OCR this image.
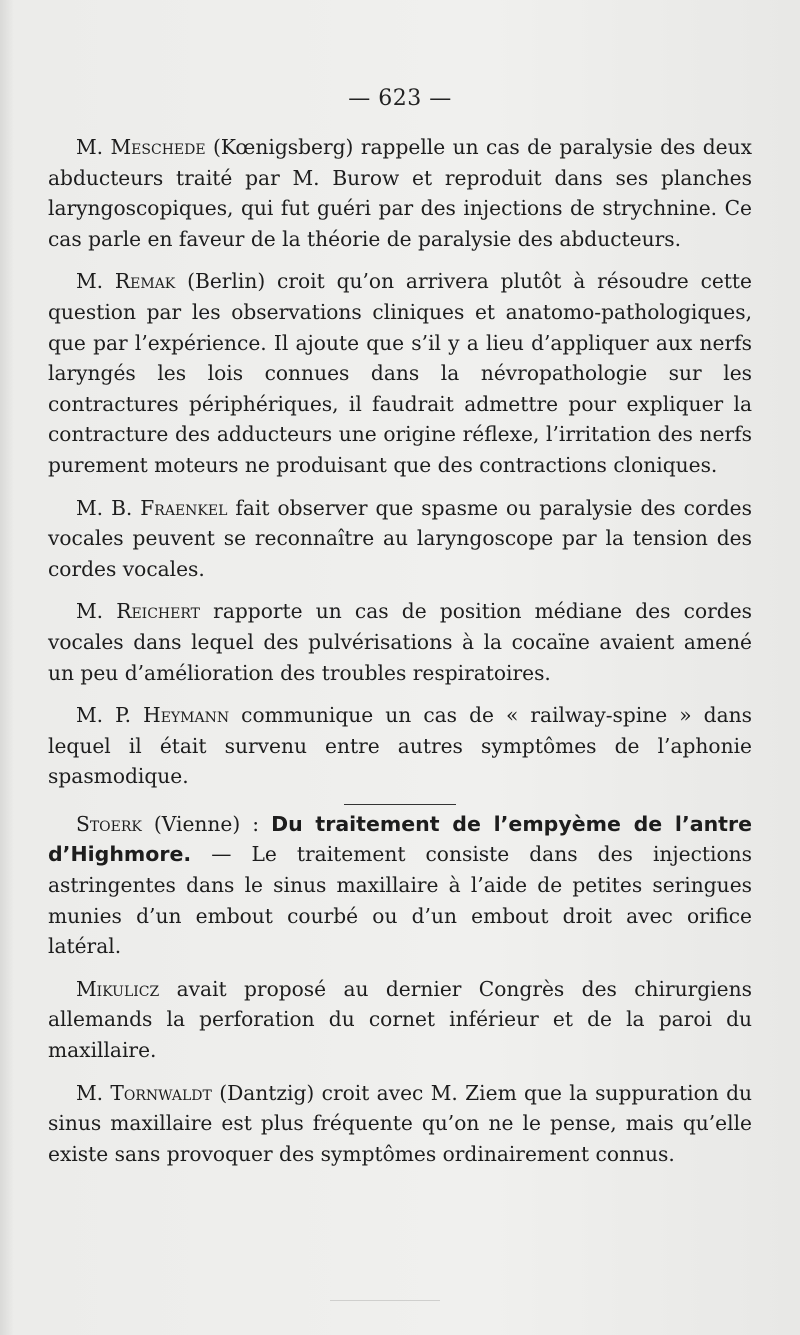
— 623 —

M. Meschede (Kœnigsberg) rappelle un cas de paralysie des deux abducteurs traité par M. Burow et reproduit dans ses planches laryngoscopiques, qui fut guéri par des injections de strychnine. Ce cas parle en faveur de la théorie de paralysie des abducteurs.

M. Remak (Berlin) croit qu’on arrivera plutôt à résoudre cette question par les observations cliniques et anatomo-pathologiques, que par l’expérience. Il ajoute que s’il y a lieu d’appliquer aux nerfs laryngés les lois connues dans la névropathologie sur les contractures périphériques, il faudrait admettre pour expliquer la contracture des adducteurs une origine réflexe, l’irritation des nerfs purement moteurs ne produisant que des contractions cloniques.

M. B. Fraenkel fait observer que spasme ou paralysie des cordes vocales peuvent se reconnaître au laryngoscope par la tension des cordes vocales.

M. Reichert rapporte un cas de position médiane des cordes vocales dans lequel des pulvérisations à la cocaïne avaient amené un peu d’amélioration des troubles respiratoires.

M. P. Heymann communique un cas de « railway-spine » dans lequel il était survenu entre autres symptômes de l’aphonie spasmodique.

Stoerk (Vienne) : Du traitement de l’empyème de l’antre d’Highmore. — Le traitement consiste dans des injections astringentes dans le sinus maxillaire à l’aide de petites seringues munies d’un embout courbé ou d’un embout droit avec orifice latéral.

Mikulicz avait proposé au dernier Congrès des chirurgiens allemands la perforation du cornet inférieur et de la paroi du maxillaire.

M. Tornwaldt (Dantzig) croit avec M. Ziem que la suppuration du sinus maxillaire est plus fréquente qu’on ne le pense, mais qu’elle existe sans provoquer des symptômes ordinairement connus.
